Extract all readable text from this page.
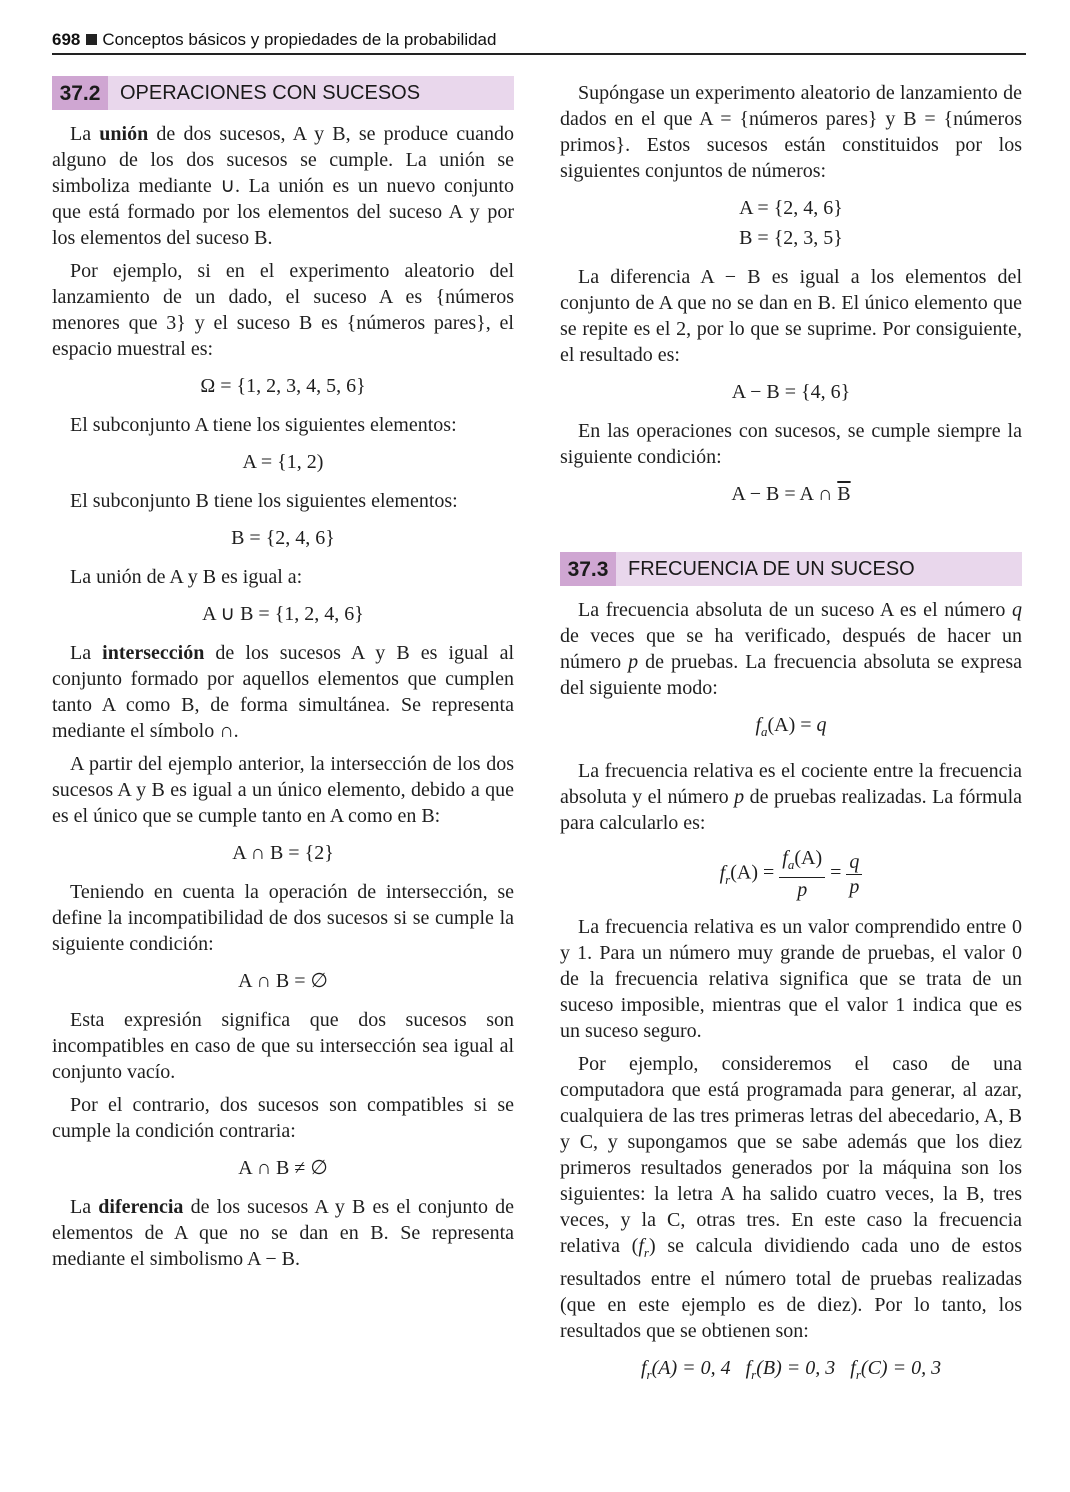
698 Conceptos básicos y propiedades de la probabilidad
37.2 OPERACIONES CON SUCESOS

La unión de dos sucesos, A y B, se produce cuando alguno de los dos sucesos se cumple. La unión se simboliza mediante ∪. La unión es un nuevo conjunto que está formado por los elementos del suceso A y por los elementos del suceso B.

Por ejemplo, si en el experimento aleatorio del lanzamiento de un dado, el suceso A es {números menores que 3} y el suceso B es {números pares}, el espacio muestral es:

Ω = {1, 2, 3, 4, 5, 6}

El subconjunto A tiene los siguientes elementos:

A = {1, 2)

El subconjunto B tiene los siguientes elementos:

B = {2, 4, 6}

La unión de A y B es igual a:

A ∪ B = {1, 2, 4, 6}

La intersección de los sucesos A y B es igual al conjunto formado por aquellos elementos que cumplen tanto A como B, de forma simultánea. Se representa mediante el símbolo ∩.

A partir del ejemplo anterior, la intersección de los dos sucesos A y B es igual a un único elemento, debido a que es el único que se cumple tanto en A como en B:

A ∩ B = {2}

Teniendo en cuenta la operación de intersección, se define la incompatibilidad de dos sucesos si se cumple la siguiente condición:

A ∩ B = ∅

Esta expresión significa que dos sucesos son incompatibles en caso de que su intersección sea igual al conjunto vacío.

Por el contrario, dos sucesos son compatibles si se cumple la condición contraria:

A ∩ B ≠ ∅

La diferencia de los sucesos A y B es el conjunto de elementos de A que no se dan en B. Se representa mediante el simbolismo A − B.

Supóngase un experimento aleatorio de lanzamiento de dados en el que A = {números pares} y B = {números primos}. Estos sucesos están constituidos por los siguientes conjuntos de números:

A = {2, 4, 6}
B = {2, 3, 5}

La diferencia A − B es igual a los elementos del conjunto de A que no se dan en B. El único elemento que se repite es el 2, por lo que se suprime. Por consiguiente, el resultado es:

A − B = {4, 6}

En las operaciones con sucesos, se cumple siempre la siguiente condición:

A − B = A ∩ $\overline{B}$
37.3 FRECUENCIA DE UN SUCESO

La frecuencia absoluta de un suceso A es el número q de veces que se ha verificado, después de hacer un número p de pruebas. La frecuencia absoluta se expresa del siguiente modo:

$f_a(A) = q$

La frecuencia relativa es el cociente entre la frecuencia absoluta y el número p de pruebas realizadas. La fórmula para calcularlo es:

$f_r(A) = \frac{f_a(A)}{p} = \frac{q}{p}$

La frecuencia relativa es un valor comprendido entre 0 y 1. Para un número muy grande de pruebas, el valor 0 de la frecuencia relativa significa que se trata de un suceso imposible, mientras que el valor 1 indica que es un suceso seguro.

Por ejemplo, consideremos el caso de una computadora que está programada para generar, al azar, cualquiera de las tres primeras letras del abecedario, A, B y C, y supongamos que se sabe además que los diez primeros resultados generados por la máquina son los siguientes: la letra A ha salido cuatro veces, la B, tres veces, y la C, otras tres. En este caso la frecuencia relativa $(f_r)$ se calcula dividiendo cada uno de estos resultados entre el número total de pruebas realizadas (que en este ejemplo es de diez). Por lo tanto, los resultados que se obtienen son:

$f_r(A) = 0$, 4 $f_r(B) = 0$, 3 $f_r(C) = 0$, 3
